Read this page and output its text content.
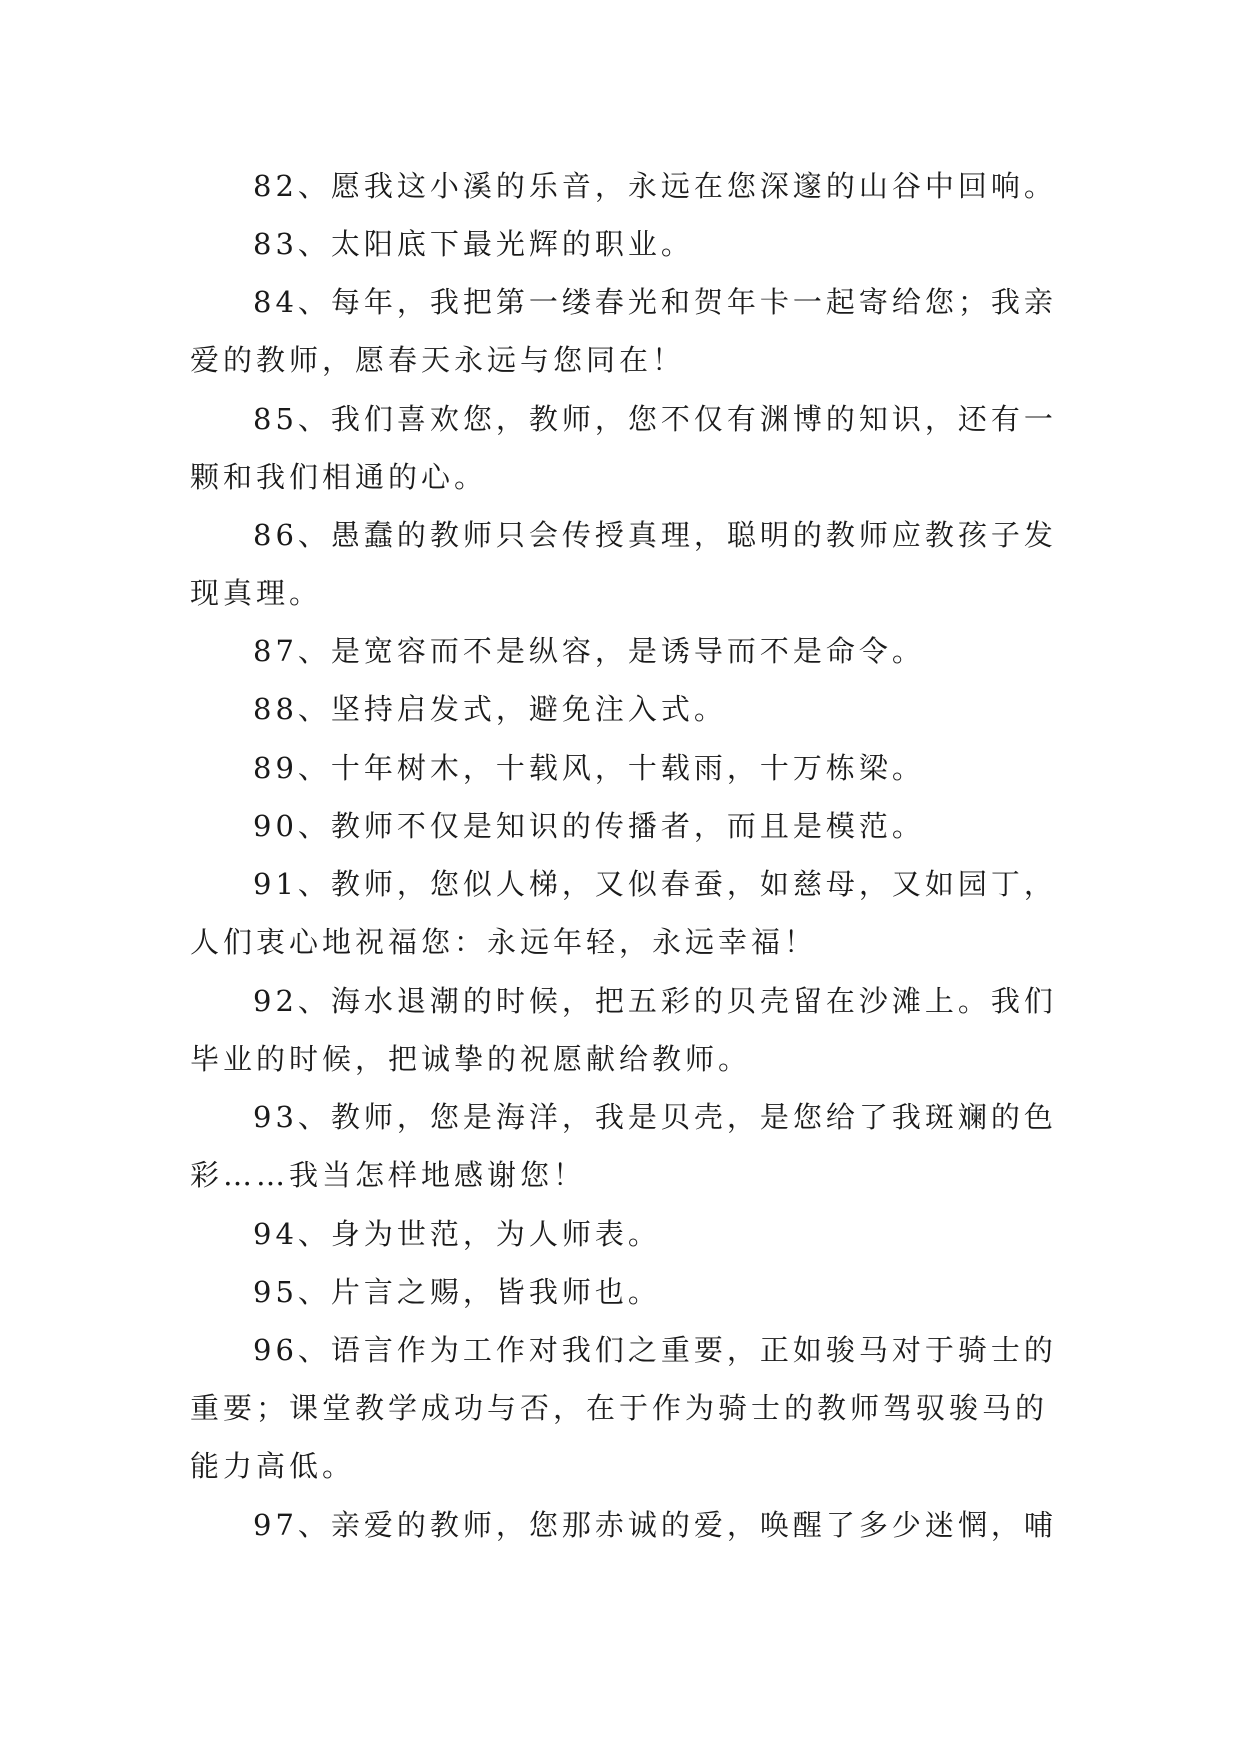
82、愿我这小溪的乐音，永远在您深邃的山谷中回响。
83、太阳底下最光辉的职业。
84、每年，我把第一缕春光和贺年卡一起寄给您；我亲
爱的教师，愿春天永远与您同在！
85、我们喜欢您，教师，您不仅有渊博的知识，还有一
颗和我们相通的心。
86、愚蠢的教师只会传授真理，聪明的教师应教孩子发
现真理。
87、是宽容而不是纵容，是诱导而不是命令。
88、坚持启发式，避免注入式。
89、十年树木，十载风，十载雨，十万栋梁。
90、教师不仅是知识的传播者，而且是模范。
91、教师，您似人梯，又似春蚕，如慈母，又如园丁，
人们衷心地祝福您：永远年轻，永远幸福！
92、海水退潮的时候，把五彩的贝壳留在沙滩上。我们
毕业的时候，把诚挚的祝愿献给教师。
93、教师，您是海洋，我是贝壳，是您给了我斑斓的色
彩……我当怎样地感谢您！
94、身为世范，为人师表。
95、片言之赐，皆我师也。
96、语言作为工作对我们之重要，正如骏马对于骑士的
重要；课堂教学成功与否，在于作为骑士的教师驾驭骏马的
能力高低。
97、亲爱的教师，您那赤诚的爱，唤醒了多少迷惘，哺
